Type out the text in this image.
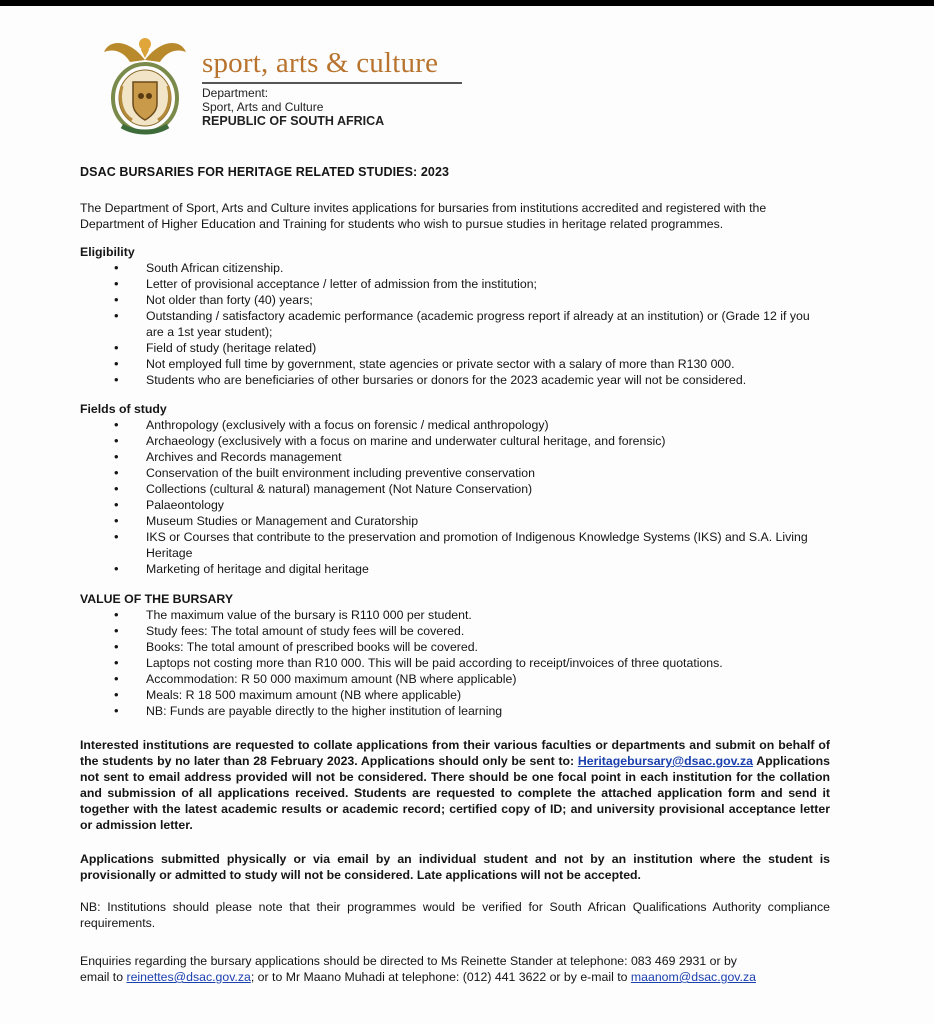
sport, arts & culture
Department:
Sport, Arts and Culture
REPUBLIC OF SOUTH AFRICA
DSAC BURSARIES FOR HERITAGE RELATED STUDIES: 2023

The Department of Sport, Arts and Culture invites applications for bursaries from institutions accredited and registered with the Department of Higher Education and Training for students who wish to pursue studies in heritage related programmes.

Eligibility

• South African citizenship.
• Letter of provisional acceptance / letter of admission from the institution;
• Not older than forty (40) years;
• Outstanding / satisfactory academic performance (academic progress report if already at an institution) or (Grade 12 if you are a 1st year student);
• Field of study (heritage related)
• Not employed full time by government, state agencies or private sector with a salary of more than R130 000.
• Students who are beneficiaries of other bursaries or donors for the 2023 academic year will not be considered.

Fields of study

• Anthropology (exclusively with a focus on forensic / medical anthropology)
• Archaeology (exclusively with a focus on marine and underwater cultural heritage, and forensic)
• Archives and Records management
• Conservation of the built environment including preventive conservation
• Collections (cultural & natural) management (Not Nature Conservation)
• Palaeontology
• Museum Studies or Management and Curatorship
• IKS or Courses that contribute to the preservation and promotion of Indigenous Knowledge Systems (IKS) and S.A. Living Heritage
• Marketing of heritage and digital heritage

VALUE OF THE BURSARY

• The maximum value of the bursary is R110 000 per student.
• Study fees: The total amount of study fees will be covered.
• Books: The total amount of prescribed books will be covered.
• Laptops not costing more than R10 000. This will be paid according to receipt/invoices of three quotations.
• Accommodation: R 50 000 maximum amount (NB where applicable)
• Meals: R 18 500 maximum amount (NB where applicable)
• NB: Funds are payable directly to the higher institution of learning

Interested institutions are requested to collate applications from their various faculties or departments and submit on behalf of the students by no later than 28 February 2023. Applications should only be sent to: Heritagebursary@dsac.gov.za Applications not sent to email address provided will not be considered. There should be one focal point in each institution for the collation and submission of all applications received. Students are requested to complete the attached application form and send it together with the latest academic results or academic record; certified copy of ID; and university provisional acceptance letter or admission letter.

Applications submitted physically or via email by an individual student and not by an institution where the student is provisionally or admitted to study will not be considered. Late applications will not be accepted.

NB: Institutions should please note that their programmes would be verified for South African Qualifications Authority compliance requirements.

Enquiries regarding the bursary applications should be directed to Ms Reinette Stander at telephone: 083 469 2931 or by

email to reinettes@dsac.gov.za; or to Mr Maano Muhadi at telephone: (012) 441 3622 or by e-mail to maanom@dsac.gov.za
